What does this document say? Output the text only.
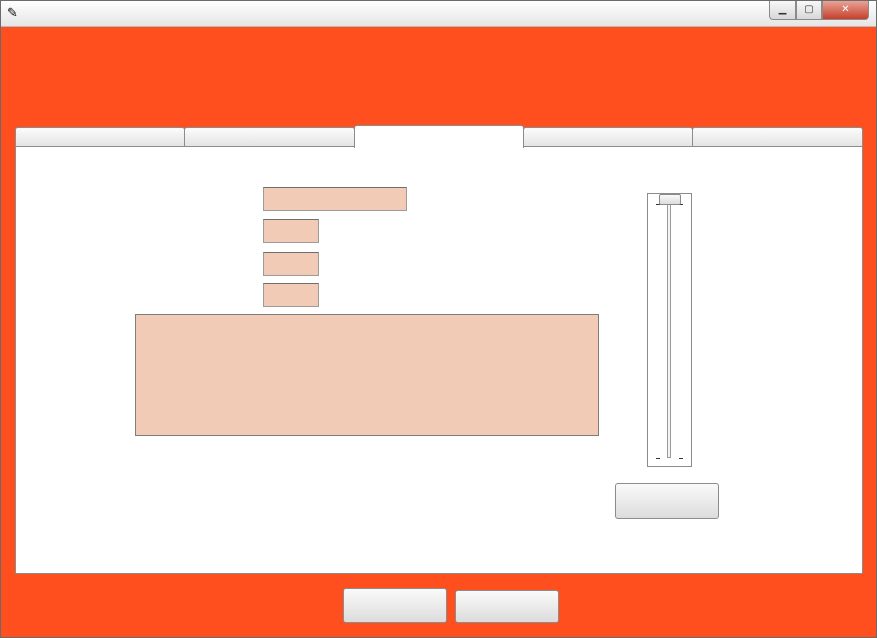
✎	▁	▢	✕
